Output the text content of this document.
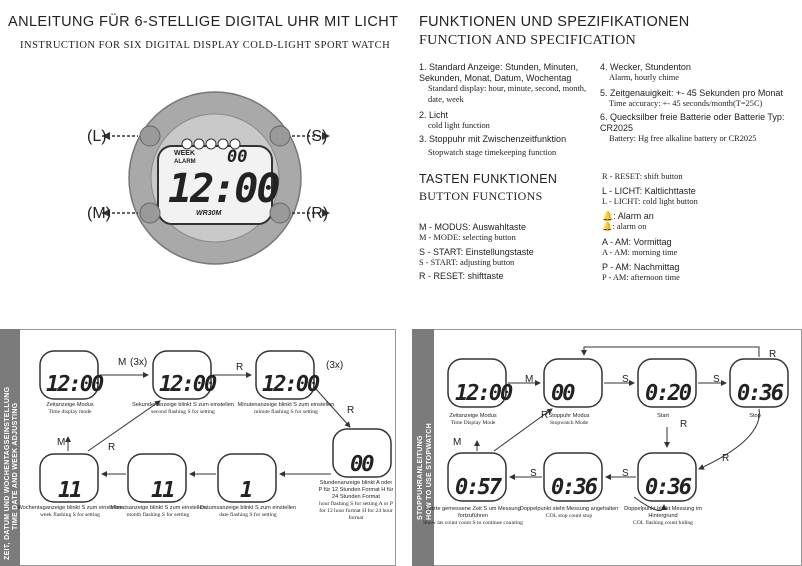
ANLEITUNG FÜR 6-STELLIGE DIGITAL UHR MIT LICHT
INSTRUCTION FOR SIX DIGITAL DISPLAY COLD-LIGHT SPORT WATCH
(L)	(S)
(M)	(R)
WEEK
ALARM 00
12:00
WR30M
FUNKTIONEN UND SPEZIFIKATIONEN
FUNCTION AND SPECIFICATION
1. Standard Anzeige: Stunden, Minuten, Sekunden, Monat, Datum, Wochentag
Standard display: hour, minute, second, month, date, week
2. Licht
cold light function
3. Stoppuhr mit Zwischenzeitfunktion
Stopwatch stage timekeeping function
4. Wecker, Stundenton
Alarm, hourly chime
5. Zeitgenauigkeit: +- 45 Sekunden pro Monat
Time accuracy: +- 45 seconds/month(T=25C)
6. Quecksilber freie Batterie oder Batterie Typ: CR2025
Battery: Hg free alkaline battery or CR2025
TASTEN FUNKTIONEN
BUTTON FUNCTIONS
M - MODUS: Auswahltaste
M - MODE: selecting button
S - START: Einstellungstaste
S - START: adjusting button
R - RESET: shifttaste
R - RESET: shift button
L - LICHT: Kaltlichttaste
L - LICHT: cold light button
🔔: Alarm an
🔔: alarm on
A - AM: Vormittag
A - AM: morning time
P - AM: Nachmittag
P - AM: afternoon time
ZEIT, DATUM UND WOCHENTAGSEINSTELLUNG TIME DATE AND WEEK ADJUSTING
M (3x)	R	(3x)
R
M	R
12:00	12:00 12:00
00
1
11
11
Zeitanzeige Modus
Time display mode
Sekundenanzeige blinkt S zum einstellen
second flashing S for setting
Minutenanzeige blinkt S zum einstellen
minute flashing S for setting
Stundenanzeige blinkt A oder P für 12 Stunden Format H für 24 Stunden Format
hour flashing S for setting A or P for 12 hour format H for 24 hour format
Datumsanzeige blinkt S zum einstellen
date flashing S for setting
Monatsanzeige blinkt S zum einstellen
month flashing S for setting
Wochentaganzeige blinkt S zum einstellen
week flashing S for setting	STOPPUHRANLEITUNG HOW TO USE STOPWATCH
M	S	S
R
R
R
S
S
M
R
12:00 00	0:20 0:36
0:36
0:36
0:57
Zeitanzeige Modus
Time Display Mode
Stoppuhr Modus
Stopwatch Mode
Start	Stop
Doppelpunkt blinkt Messung im Hintergrund
COL flashing count hiding
Doppelpunkt steht Messung angehalten
COL stop count stop
Letzte gemessene Zeit S um Messung fortzuführen
Show las count count S to continue counting
